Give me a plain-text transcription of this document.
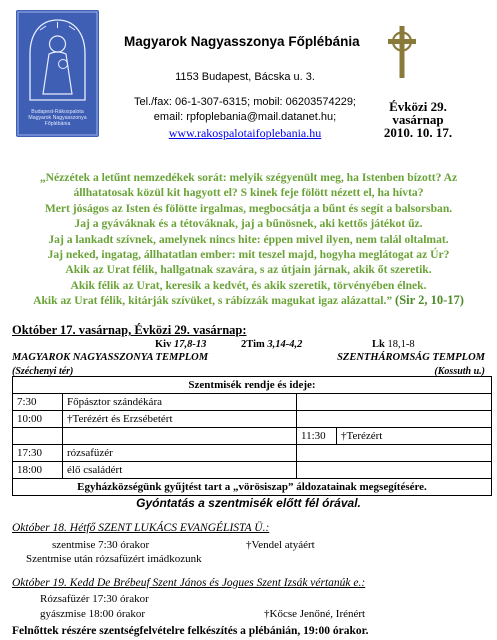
Budapest-Rákospalota
Magyarok Nagyasszonya
Főplébánia
Magyarok Nagyasszonya Főplébánia
1153 Budapest, Bácska u. 3.
Tel./fax: 06-1-307-6315; mobil: 06203574229;
email: rpfoplebania@mail.datanet.hu;
www.rakospalotaifoplebania.hu
Évközi 29.
vasárnap
2010. 10. 17.
„Nézzétek a letűnt nemzedékek sorát: melyik szégyenült meg, ha Istenben bízott? Az
állhatatosak közül kit hagyott el? S kinek feje fölött nézett el, ha hívta?
Mert jóságos az Isten és fölötte irgalmas, megbocsátja a bűnt és segít a balsorsban.
Jaj a gyáváknak és a tétováknak, jaj a bűnösnek, aki kettős játékot űz.
Jaj a lankadt szívnek, amelynek nincs hite: éppen mivel ilyen, nem talál oltalmat.
Jaj neked, ingatag, állhatatlan ember: mit teszel majd, hogyha meglátogat az Úr?
Akik az Urat félik, hallgatnak szavára, s az útjain járnak, akik őt szeretik.
Akik félik az Urat, keresik a kedvét, és akik szeretik, törvényében élnek.
Akik az Urat félik, kitárják szívüket, s rábízzák magukat igaz alázattal.” (Sir 2, 10-17)
Október 17. vasárnap, Évközi 29. vasárnap:
Kiv 17,8-13	2Tim 3,14-4,2	Lk 18,1-8
MAGYAROK NAGYASSZONYA TEMPLOM	SZENTHÁROMSÁG TEMPLOM
(Széchenyi tér)	(Kossuth u.)
Szentmisék rendje és ideje:			
7:30	Főpásztor szándékára		
10:00	†Terézért és Erzsébetért		
		11:30	†Terézért
17:30	rózsafüzér		
18:00	élő családért		
Egyházközségünk gyűjtést tart a „vörösiszap” áldozatainak megsegítésére.			
Gyóntatás a szentmisék előtt fél órával.
Október 18. Hétfő SZENT LUKÁCS EVANGÉLISTA Ü.:
szentmise 7:30 órakor	†Vendel atyáért
Szentmise után rózsafüzért imádkozunk
Október 19. Kedd De Brébeuf Szent János és Jogues Szent Izsák vértanúk e.:
Rózsafüzér 17:30 órakor
gyászmise 18:00 órakor	†Kőcse Jenőné, Irénért
Felnőttek részére szentségfelvételre felkészítés a plébánián, 19:00 órakor.
